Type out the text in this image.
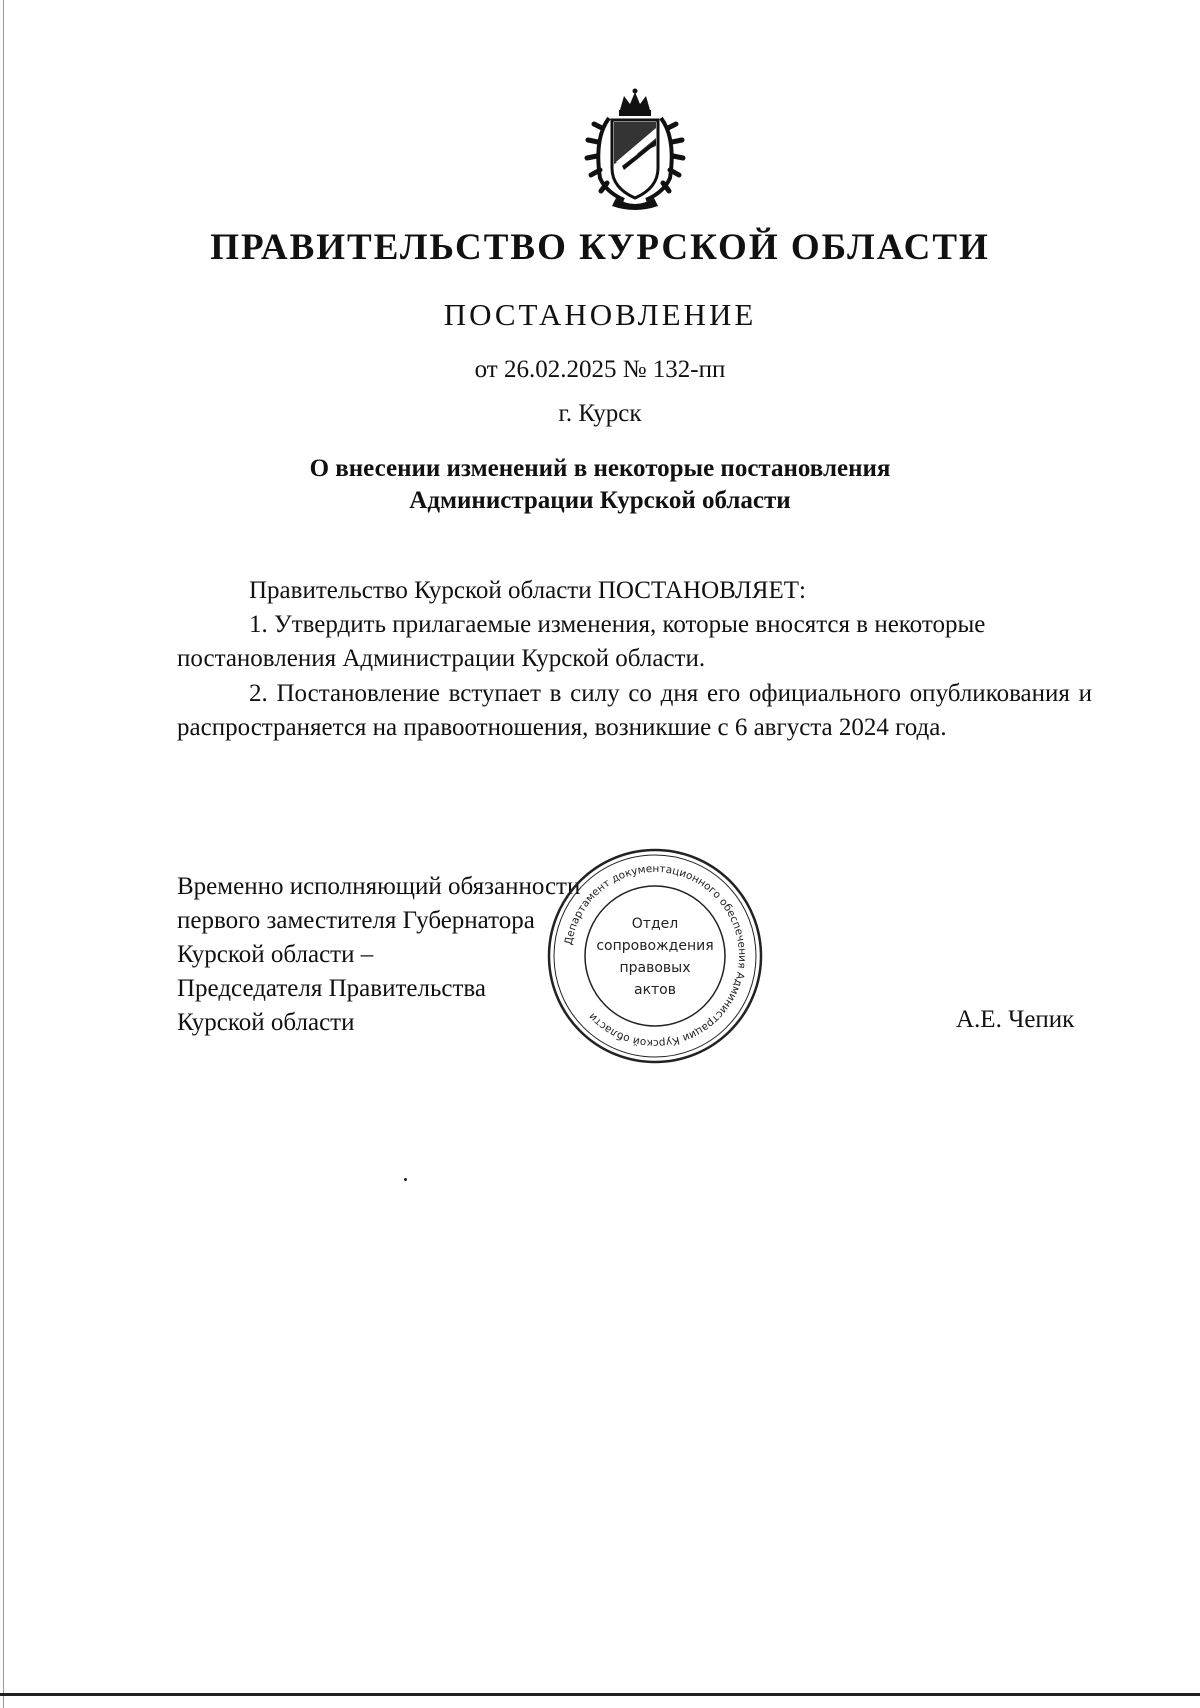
ПРАВИТЕЛЬСТВО КУРСКОЙ ОБЛАСТИ
ПОСТАНОВЛЕНИЕ
от 26.02.2025 № 132-пп
г. Курск
О внесении изменений в некоторые постановления
Администрации Курской области
Правительство Курской области ПОСТАНОВЛЯЕТ:
1. Утвердить прилагаемые изменения, которые вносятся в некоторые постановления Администрации Курской области.
2. Постановление вступает в силу со дня его официального опубликования и распространяется на правоотношения, возникшие с 6 августа 2024 года.
Временно исполняющий обязанности
первого заместителя Губернатора
Курской области –
Председателя Правительства
Курской области	А.Е. Чепик
Департамент документационного обеспечения Администрации Курской области
Отдел
сопровождения
правовых
актов
